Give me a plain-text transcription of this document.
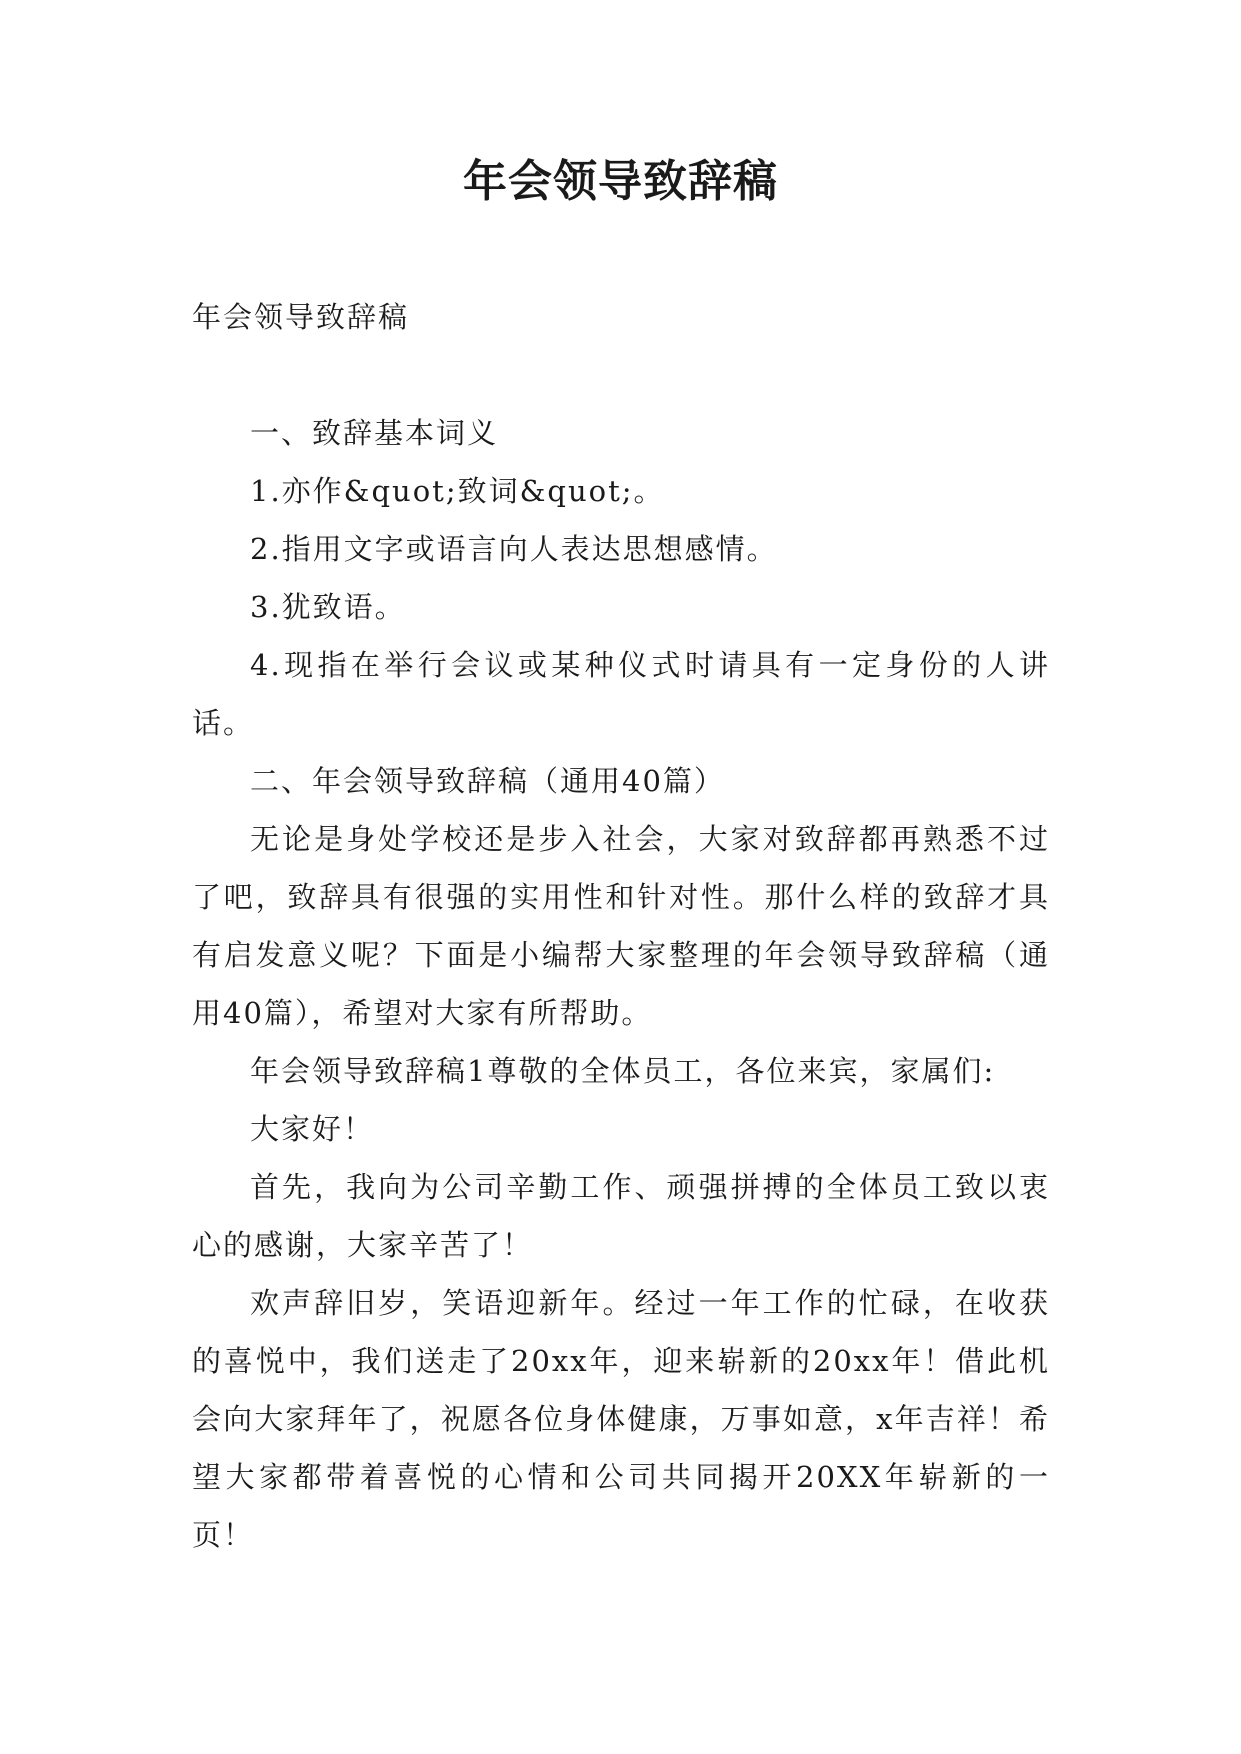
年会领导致辞稿

年会领导致辞稿

一、致辞基本词义

1.亦作&quot;致词&quot;。

2.指用文字或语言向人表达思想感情。

3.犹致语。

4.现指在举行会议或某种仪式时请具有一定身份的人讲话。

二、年会领导致辞稿（通用40篇）

无论是身处学校还是步入社会，大家对致辞都再熟悉不过了吧，致辞具有很强的实用性和针对性。那什么样的致辞才具有启发意义呢？下面是小编帮大家整理的年会领导致辞稿（通用40篇），希望对大家有所帮助。

年会领导致辞稿1尊敬的全体员工，各位来宾，家属们:

大家好！

首先，我向为公司辛勤工作、顽强拼搏的全体员工致以衷心的感谢，大家辛苦了！

欢声辞旧岁，笑语迎新年。经过一年工作的忙碌，在收获的喜悦中，我们送走了20xx年，迎来崭新的20xx年！借此机会向大家拜年了，祝愿各位身体健康，万事如意，x年吉祥！希望大家都带着喜悦的心情和公司共同揭开20XX年崭新的一页！
